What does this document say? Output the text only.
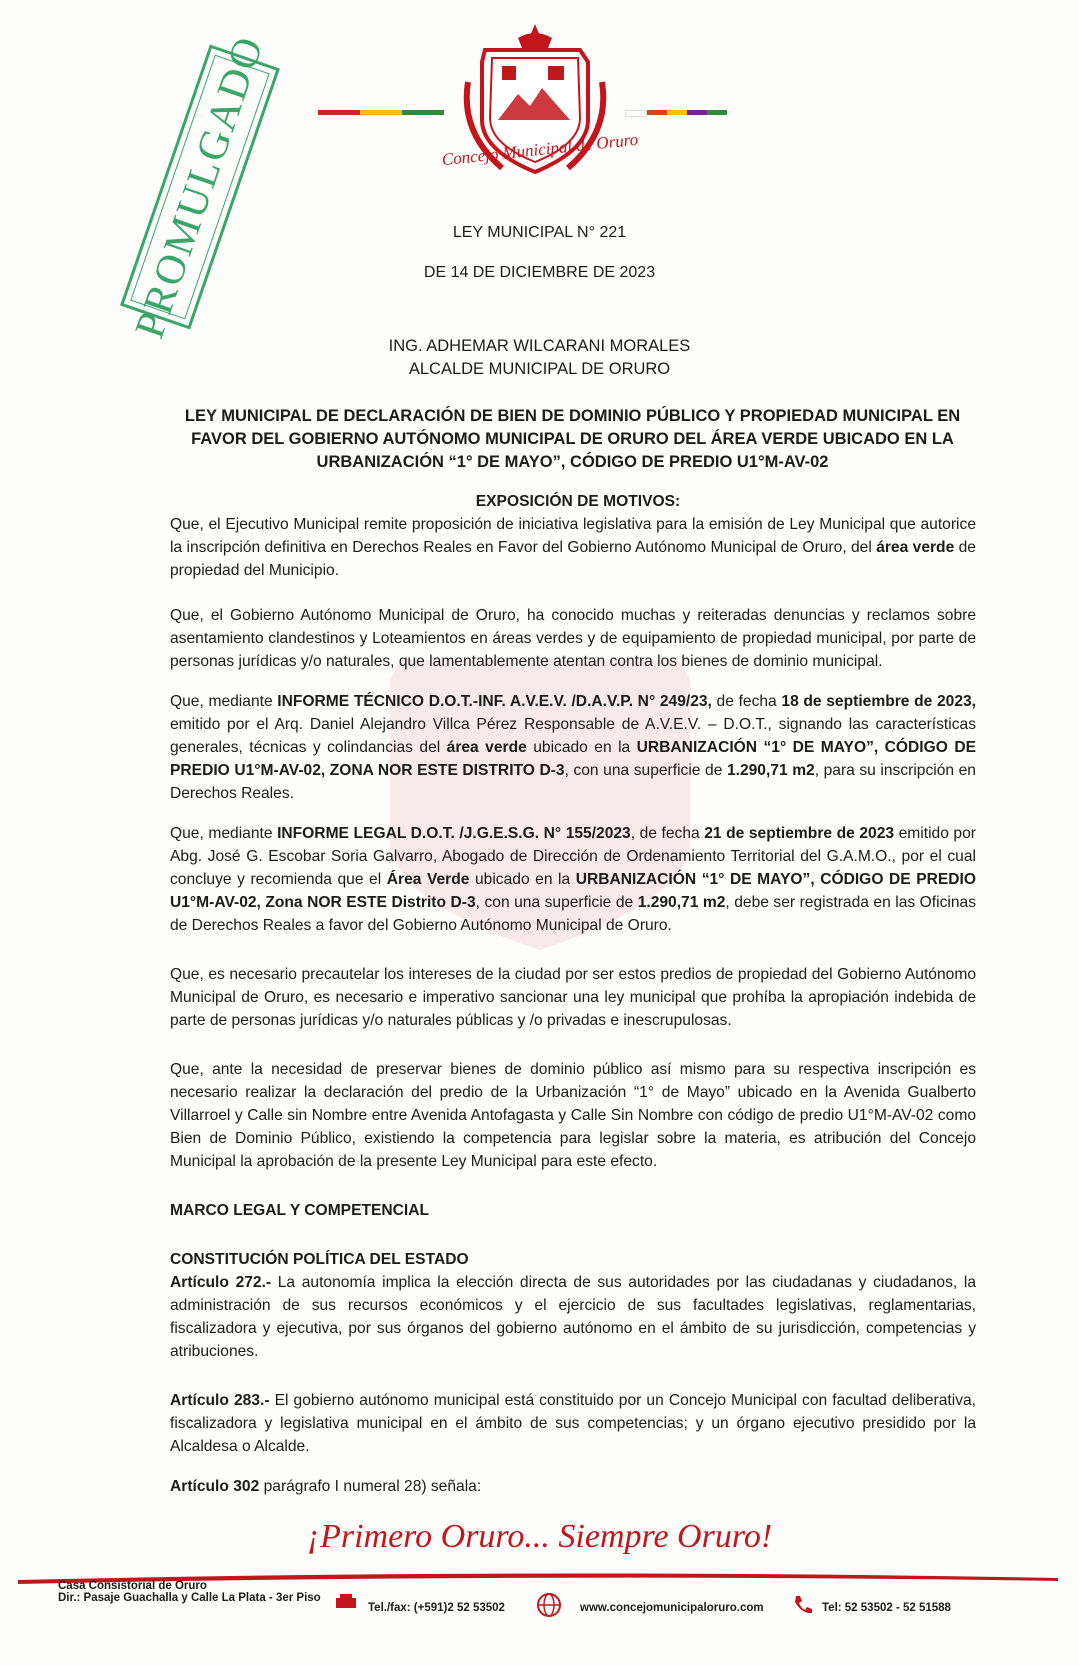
Concejo Municipal de Oruro
PROMULGADO	LEY MUNICIPAL N° 221
DE 14 DE DICIEMBRE DE 2023
ING. ADHEMAR WILCARANI MORALES
ALCALDE MUNICIPAL DE ORURO
LEY MUNICIPAL DE DECLARACIÓN DE BIEN DE DOMINIO PÚBLICO Y PROPIEDAD MUNICIPAL EN
FAVOR DEL GOBIERNO AUTÓNOMO MUNICIPAL DE ORURO DEL ÁREA VERDE UBICADO EN LA
URBANIZACIÓN “1° DE MAYO”, CÓDIGO DE PREDIO U1°M-AV-02

EXPOSICIÓN DE MOTIVOS:

Que, el Ejecutivo Municipal remite proposición de iniciativa legislativa para la emisión de Ley Municipal que autorice la inscripción definitiva en Derechos Reales en Favor del Gobierno Autónomo Municipal de Oruro, del área verde de propiedad del Municipio.

Que, el Gobierno Autónomo Municipal de Oruro, ha conocido muchas y reiteradas denuncias y reclamos sobre asentamiento clandestinos y Loteamientos en áreas verdes y de equipamiento de propiedad municipal, por parte de personas jurídicas y/o naturales, que lamentablemente atentan contra los bienes de dominio municipal.

Que, mediante INFORME TÉCNICO D.O.T.-INF. A.V.E.V. /D.A.V.P. N° 249/23, de fecha 18 de septiembre de 2023, emitido por el Arq. Daniel Alejandro Villca Pérez Responsable de A.V.E.V. – D.O.T., signando las características generales, técnicas y colindancias del área verde ubicado en la URBANIZACIÓN “1° DE MAYO”, CÓDIGO DE PREDIO U1°M-AV-02, ZONA NOR ESTE DISTRITO D-3, con una superficie de 1.290,71 m2, para su inscripción en Derechos Reales.

Que, mediante INFORME LEGAL D.O.T. /J.G.E.S.G. N° 155/2023, de fecha 21 de septiembre de 2023 emitido por Abg. José G. Escobar Soria Galvarro, Abogado de Dirección de Ordenamiento Territorial del G.A.M.O., por el cual concluye y recomienda que el Área Verde ubicado en la URBANIZACIÓN “1° DE MAYO”, CÓDIGO DE PREDIO U1°M-AV-02, Zona NOR ESTE Distrito D-3, con una superficie de 1.290,71 m2, debe ser registrada en las Oficinas de Derechos Reales a favor del Gobierno Autónomo Municipal de Oruro.

Que, es necesario precautelar los intereses de la ciudad por ser estos predios de propiedad del Gobierno Autónomo Municipal de Oruro, es necesario e imperativo sancionar una ley municipal que prohíba la apropiación indebida de parte de personas jurídicas y/o naturales públicas y /o privadas e inescrupulosas.

Que, ante la necesidad de preservar bienes de dominio público así mismo para su respectiva inscripción es necesario realizar la declaración del predio de la Urbanización “1° de Mayo” ubicado en la Avenida Gualberto Villarroel y Calle sin Nombre entre Avenida Antofagasta y Calle Sin Nombre con código de predio U1°M-AV-02 como Bien de Dominio Público, existiendo la competencia para legislar sobre la materia, es atribución del Concejo Municipal la aprobación de la presente Ley Municipal para este efecto.

MARCO LEGAL Y COMPETENCIAL

CONSTITUCIÓN POLÍTICA DEL ESTADO

Artículo 272.- La autonomía implica la elección directa de sus autoridades por las ciudadanas y ciudadanos, la administración de sus recursos económicos y el ejercicio de sus facultades legislativas, reglamentarias, fiscalizadora y ejecutiva, por sus órganos del gobierno autónomo en el ámbito de su jurisdicción, competencias y atribuciones.

Artículo 283.- El gobierno autónomo municipal está constituido por un Concejo Municipal con facultad deliberativa, fiscalizadora y legislativa municipal en el ámbito de sus competencias; y un órgano ejecutivo presidido por la Alcaldesa o Alcalde.

Artículo 302 parágrafo I numeral 28) señala:

¡Primero Oruro... Siempre Oruro!
Casa Consistorial de Oruro
Dir.: Pasaje Guachalla y Calle La Plata - 3er Piso
Tel./fax: (+591)2 52 53502	www.concejomunicipaloruro.com	Tel: 52 53502 - 52 51588
